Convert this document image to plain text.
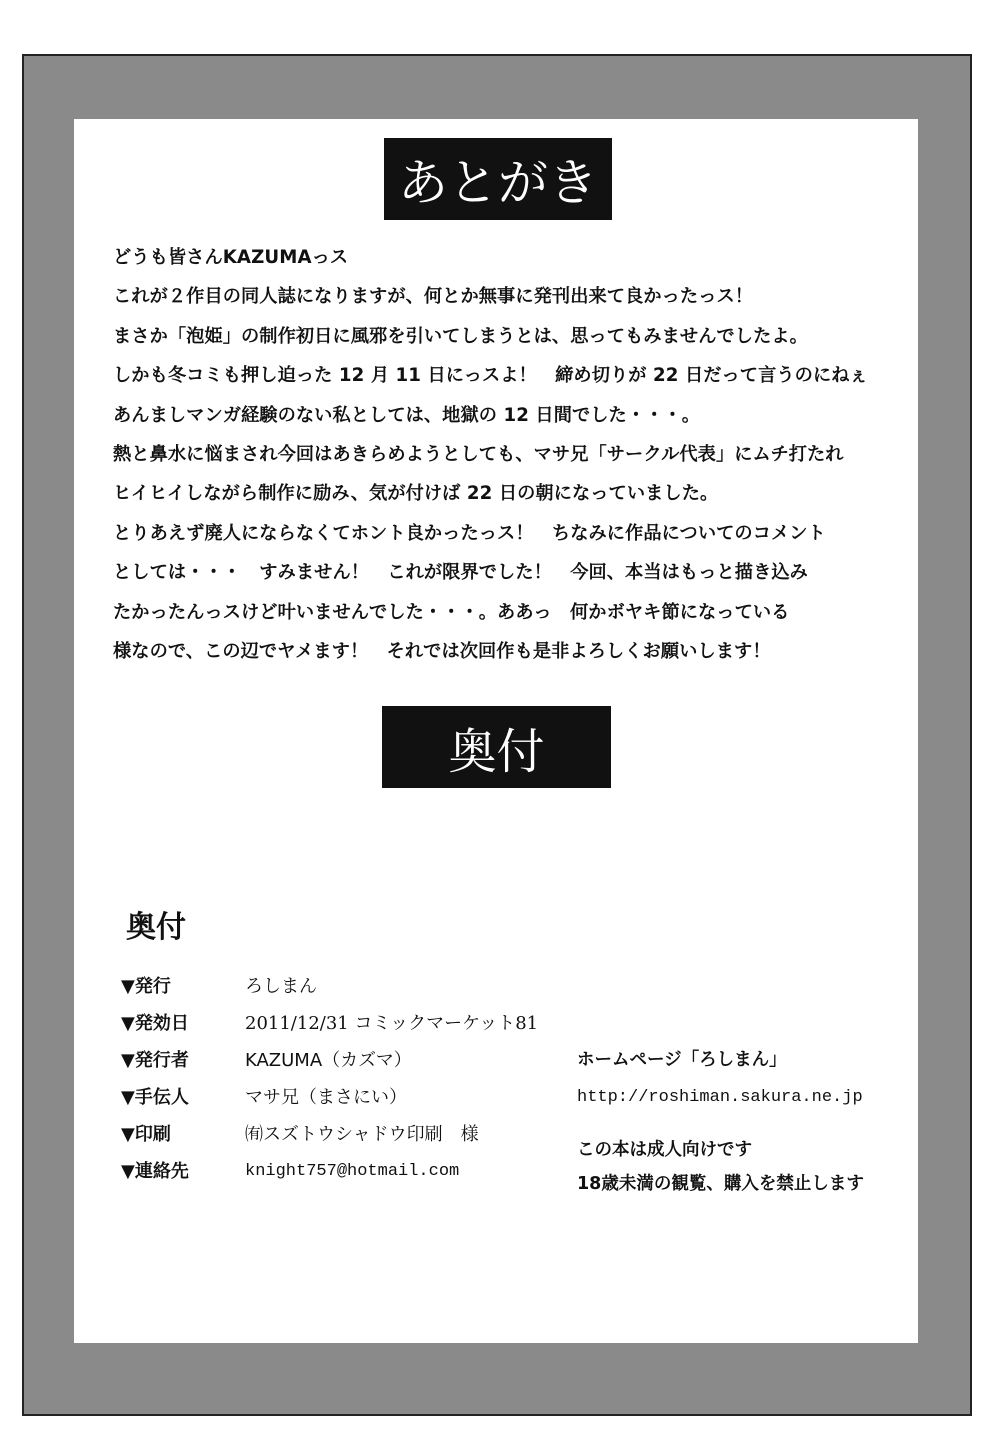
あとがき
どうも皆さんKAZUMAっス
これが２作目の同人誌になりますが、何とか無事に発刊出来て良かったっス！
まさか「泡姫」の制作初日に風邪を引いてしまうとは、思ってもみませんでしたよ。
しかも冬コミも押し迫った 12 月 11 日にっスよ！　締め切りが 22 日だって言うのにねぇ
あんましマンガ経験のない私としては、地獄の 12 日間でした・・・。
熱と鼻水に悩まされ今回はあきらめようとしても、マサ兄「サークル代表」にムチ打たれ
ヒイヒイしながら制作に励み、気が付けば 22 日の朝になっていました。
とりあえず廃人にならなくてホント良かったっス！　ちなみに作品についてのコメント
としては・・・　すみません！　これが限界でした！　今回、本当はもっと描き込み
たかったんっスけど叶いませんでした・・・。ああっ　何かボヤキ節になっている
様なので、この辺でヤメます！　それでは次回作も是非よろしくお願いします！
奥付
奥付
▼発行	ろしまん
▼発効日	2011/12/31 コミックマーケット81
▼発行者	KAZUMA（カズマ）
▼手伝人	マサ兄（まさにい）
▼印刷	㈲スズトウシャドウ印刷　様
▼連絡先	knight757@hotmail.com
ホームページ「ろしまん」
http://roshiman.sakura.ne.jp
この本は成人向けです
18歳未満の観覧、購入を禁止します
